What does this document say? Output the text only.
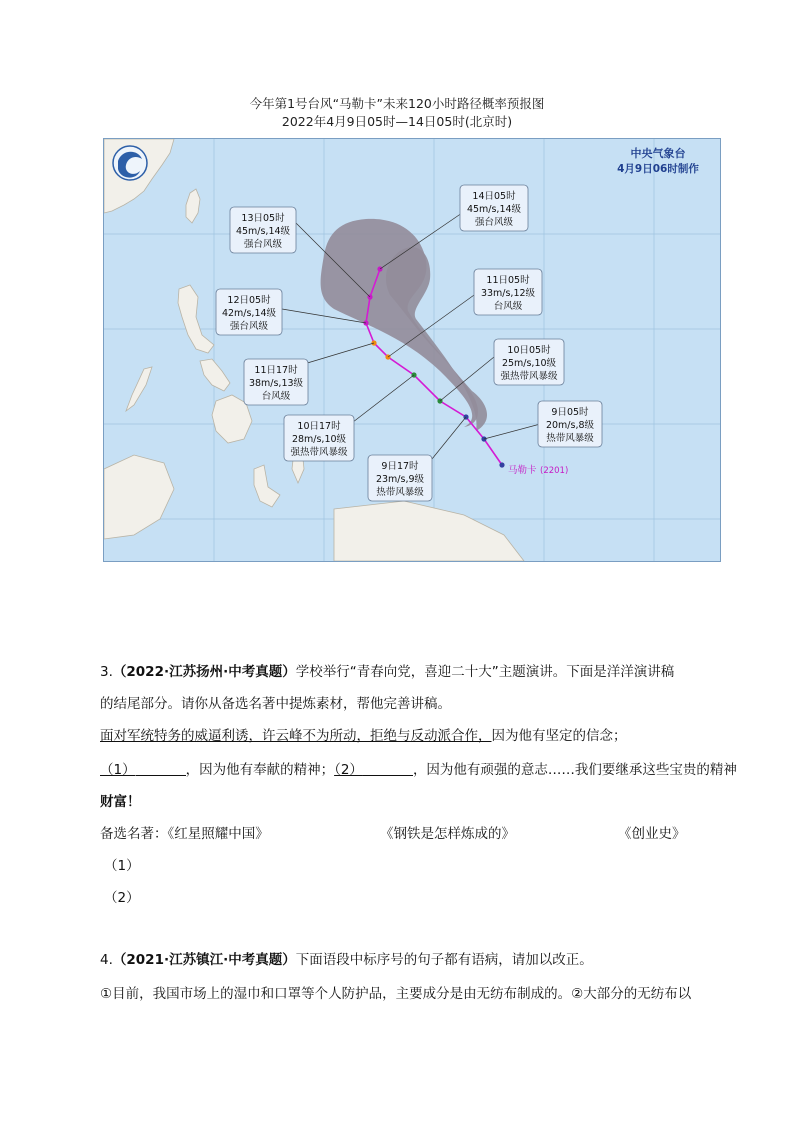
今年第1号台风“马勒卡”未来120小时路径概率预报图
2022年4月9日05时—14日05时(北京时)
14日05时
45m/s,14级
强台风级
13日05时
45m/s,14级
强台风级
11日05时
33m/s,12级
台风级
12日05时
42m/s,14级
强台风级
10日05时
25m/s,10级
强热带风暴级
11日17时
38m/s,13级
台风级
9日05时
20m/s,8级
热带风暴级
10日17时
28m/s,10级
强热带风暴级
9日17时
23m/s,9级
热带风暴级
马勒卡 (2201)
中央气象台
4月9日06时制作
3.（2022·江苏扬州·中考真题）学校举行“青春向党，喜迎二十大”主题演讲。下面是洋洋演讲稿
的结尾部分。请你从备选名著中提炼素材，帮他完善讲稿。
面对军统特务的威逼利诱，许云峰不为所动，拒绝与反动派合作，因为他有坚定的信念；
（1）	，因为他有奉献的精神；（2）	，因为他有顽强的意志……我们要继承这些宝贵的精神
财富！
备选名著：《红星照耀中国》	《钢铁是怎样炼成的》	《创业史》
（1）
（2）
4.（2021·江苏镇江·中考真题）下面语段中标序号的句子都有语病，请加以改正。
①目前，我国市场上的湿巾和口罩等个人防护品，主要成分是由无纺布制成的。②大部分的无纺布以
